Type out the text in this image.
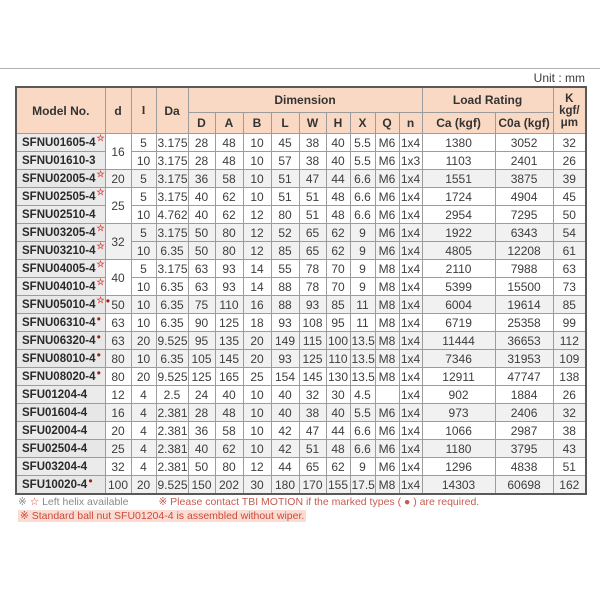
Unit : mm
Model No.	d	l	Da	Dimension									Load Rating		K
kgf/
μm

				D	A	B	L	W	H	X	Q	n	Ca (kgf)	C0a (kgf)	
SFNU01605-4☆	16	5	3.175	28	48	10	45	38	40	5.5	M6	1x4	1380	3052	32
SFNU01610-3		10	3.175	28	48	10	57	38	40	5.5	M6	1x3	1103	2401	26
SFNU02005-4☆	20	5	3.175	36	58	10	51	47	44	6.6	M6	1x4	1551	3875	39
SFNU02505-4☆	25	5	3.175	40	62	10	51	51	48	6.6	M6	1x4	1724	4904	45
SFNU02510-4		10	4.762	40	62	12	80	51	48	6.6	M6	1x4	2954	7295	50
SFNU03205-4☆	32	5	3.175	50	80	12	52	65	62	9	M6	1x4	1922	6343	54
SFNU03210-4☆		10	6.35	50	80	12	85	65	62	9	M6	1x4	4805	12208	61
SFNU04005-4☆	40	5	3.175	63	93	14	55	78	70	9	M8	1x4	2110	7988	63
SFNU04010-4☆		10	6.35	63	93	14	88	78	70	9	M8	1x4	5399	15500	73
SFNU05010-4☆●	50	10	6.35	75	110	16	88	93	85	11	M8	1x4	6004	19614	85
SFNU06310-4●	63	10	6.35	90	125	18	93	108	95	11	M8	1x4	6719	25358	99
SFNU06320-4●	63	20	9.525	95	135	20	149	115	100	13.5	M8	1x4	11444	36653	112
SFNU08010-4●	80	10	6.35	105	145	20	93	125	110	13.5	M8	1x4	7346	31953	109
SFNU08020-4●	80	20	9.525	125	165	25	154	145	130	13.5	M8	1x4	12911	47747	138
SFU01204-4	12	4	2.5	24	40	10	40	32	30	4.5		1x4	902	1884	26
SFU01604-4	16	4	2.381	28	48	10	40	38	40	5.5	M6	1x4	973	2406	32
SFU02004-4	20	4	2.381	36	58	10	42	47	44	6.6	M6	1x4	1066	2987	38
SFU02504-4	25	4	2.381	40	62	10	42	51	48	6.6	M6	1x4	1180	3795	43
SFU03204-4	32	4	2.381	50	80	12	44	65	62	9	M6	1x4	1296	4838	51
SFU10020-4●	100	20	9.525	150	202	30	180	170	155	17.5	M8	1x4	14303	60698	162
※ ☆ Left helix available	※ Please contact TBI MOTION if the marked types ( ● ) are required.
※ Standard ball nut SFU01204-4 is assembled without wiper.
